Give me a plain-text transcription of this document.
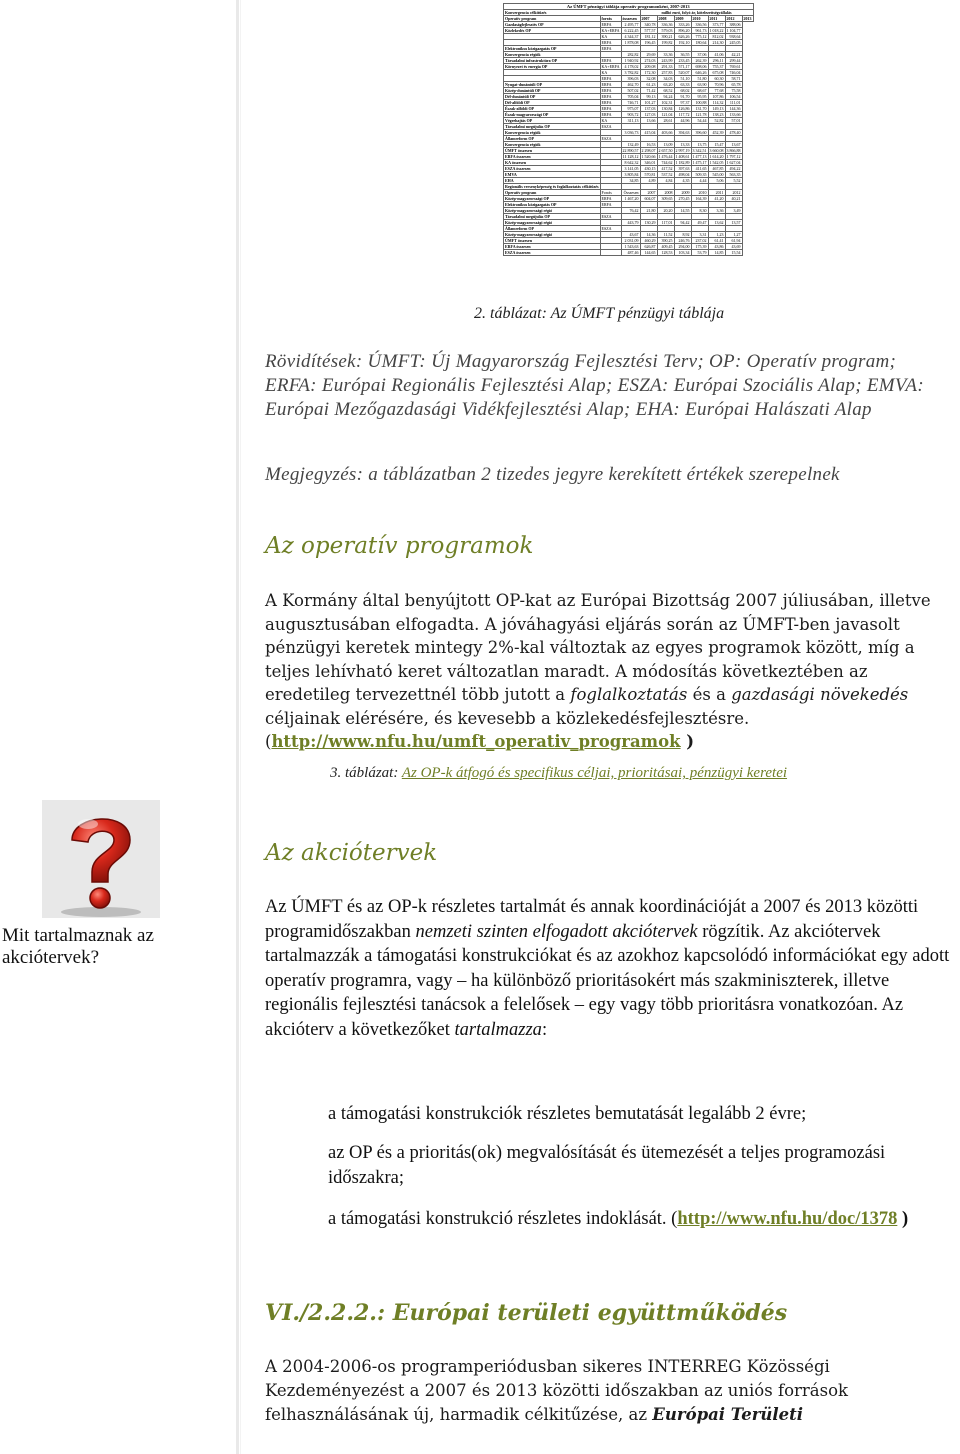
Az ÚMFT pénzügyi táblája operatív programonként, 2007-2013									
Konvergencia célkitűzés			millió euró, folyó ár, kötelezettségvállalás						
Operatív program	forrás	összesen	2007	2008	2009	2010	2011	2012	2013
Gazdaságfejlesztés OP	ERFA	2 495,77	340,78	336,36	333,26	336,56	373,77	388,06	
Közlekedés OP	KA+ERFA	6 222,45	577,57	579,03	896,20	961,73	1 018,22	1 104,77	
	KA	4 344,37	181,12	390,21	626,26	775,12	812,02	938,64	
	ERFA	1 878,08	196,45	199,82	192,10	180,64	214,30	245,05	
Elektronikus közigazgatás OP	ERFA								
Konvergencia régiók		282,82	29,69	33,36	36,55	37,06	41,06	42,21	
Társadalmi infrastruktúra OP	ERFA	1 940,92	274,03	243,99	233,45	262,39	296,11	299,44	
Környezet és energia OP	KA+ERFA	4 178,02	209,08	291,33	571,17	698,06	755,37	769,61	
	KA	3 782,82	172,30	257,83	520,07	646,26	675,08	746,04	
	ERFA	396,03	32,08	34,03	51,10	51,80	60,30	58,71	
Nyugat-dunántúli OP	ERFA	462,70	61,23	63,20	63,33	63,90	70,96	65,78	
Közép-dunántúli OP	ERFA	507,02	71,42	68,52	68,02	68,67	77,68	75,58	
Dél-dunántúli OP	ERFA	705,04	99,13	94,24	91,70	95,95	107,86	106,54	
Dél-alföldi OP	ERFA	746,71	101,27	102,31	97,37	100,88	114,32	111,01	
Észak-alföldi OP	ERFA	975,07	137,03	130,84	126,86	131,70	149,13	144,36	
Észak-magyarországi OP	ERFA	903,72	127,03	121,04	117,72	121,78	138,23	133,66	
Végrehajtás OP	KA	311,13	13,66	28,61	44,96	54,44	52,82	57,01	
Társadalmi megújulás OP	ESZA								
Konvergencia régiók		3 036,73	415,04	403,66	394,63	396,60	452,39	478,40	
Államreform OP	ESZA								
Konvergencia régiók		132,49	16,53	13,09	13,33	13,75	15,47	13,67	
ÚMFT összesen		22 890,57	2 298,07	2 657,50	2 997,19	3 342,51	3 660,08	3 866,88	
ERFA összesen		11 128,12	1 520,66	1 476,44	1 408,61	1 477,13	1 614,20	1 797,12	
KA összesen		8 642,32	346,01	744,62	1 182,89	1 475,17	1 542,05	1 627,04	
ESZA összesen		3 141,05	430,15	417,52	397,63	411,65	467,85	494,22	
EMVA		3 805,84	570,81	537,52	498,04	509,35	545,00	563,35	
EHA		34,85	4,89	4,84	4,35	4,44	5,06	5,52	
Regionális versenyképesség és foglalkoztatás célkitűzés									
Operatív program	Forrás	Összesen	2007	2008	2009	2010	2011	2012	
Közép-magyarországi OP	ERFA	1 467,20	604,07	309,65	270,45	164,39	41,20	40,21	
Elektronikus közigazgatás OP	ERFA								
Közép-magyarországi régió		76,42	21,80	20,20	14,55	8,30	3,36	3,49	
Társadalmi megújulás OP	ESZA								
Közép-magyarországi régió		443,79	130,29	117,01	94,42	49,47	13,62	13,57	
Államreform OP	ESZA								
Közép-magyarországi régió		43,67	14,36	11,52	8,92	3,31	1,23	1,27	
ÚMFT összesen		2 031,09	460,29	390,25	246,76	237,02	61,41	61,94	
ERFA összesen		1 543,63	626,87	409,45	294,00	175,39	43,86	43,69	
ESZA összesen		487,46	144,65	128,53	103,34	53,79	14,85	15,54	
2. táblázat: Az ÚMFT pénzügyi táblája
Rövidítések: ÚMFT: Új Magyarország Fejlesztési Terv; OP: Operatív program; ERFA: Európai Regionális Fejlesztési Alap; ESZA: Európai Szociális Alap; EMVA: Európai Mezőgazdasági Vidékfejlesztési Alap; EHA: Európai Halászati Alap
Megjegyzés: a táblázatban 2 tizedes jegyre kerekített értékek szerepelnek
Az operatív programok
A Kormány által benyújtott OP-kat az Európai Bizottság 2007 júliusában, illetve augusztusában elfogadta. A jóváhagyási eljárás során az ÚMFT-ben javasolt pénzügyi keretek mintegy 2%-kal változtak az egyes programok között, míg a teljes lehívható keret változatlan maradt. A módosítás következtében az eredetileg tervezettnél több jutott a foglalkoztatás és a gazdasági növekedés céljainak elérésére, és kevesebb a közlekedésfejlesztésre. (http://www.nfu.hu/umft_operativ_programok )
3. táblázat: Az OP-k átfogó és specifikus céljai, prioritásai, pénzügyi keretei
Mit tartalmaznak az akciótervek?
Az akciótervek
Az ÚMFT és az OP-k részletes tartalmát és annak koordinációját a 2007 és 2013 közötti programidőszakban nemzeti szinten elfogadott akciótervek rögzítik. Az akciótervek tartalmazzák a támogatási konstrukciókat és az azokhoz kapcsolódó információkat egy adott operatív programra, vagy – ha különböző prioritásokért más szakminiszterek, illetve regionális fejlesztési tanácsok a felelősek – egy vagy több prioritásra vonatkozóan. Az akcióterv a következőket tartalmazza:
a támogatási konstrukciók részletes bemutatását legalább 2 évre;
az OP és a prioritás(ok) megvalósítását és ütemezését a teljes programozási időszakra;
a támogatási konstrukció részletes indoklását. (http://www.nfu.hu/doc/1378 )
VI./2.2.2.: Európai területi együttműködés
A 2004-2006-os programperiódusban sikeres INTERREG Közösségi Kezdeményezést a 2007 és 2013 közötti időszakban az uniós források felhasználásának új, harmadik célkitűzése, az Európai Területi
